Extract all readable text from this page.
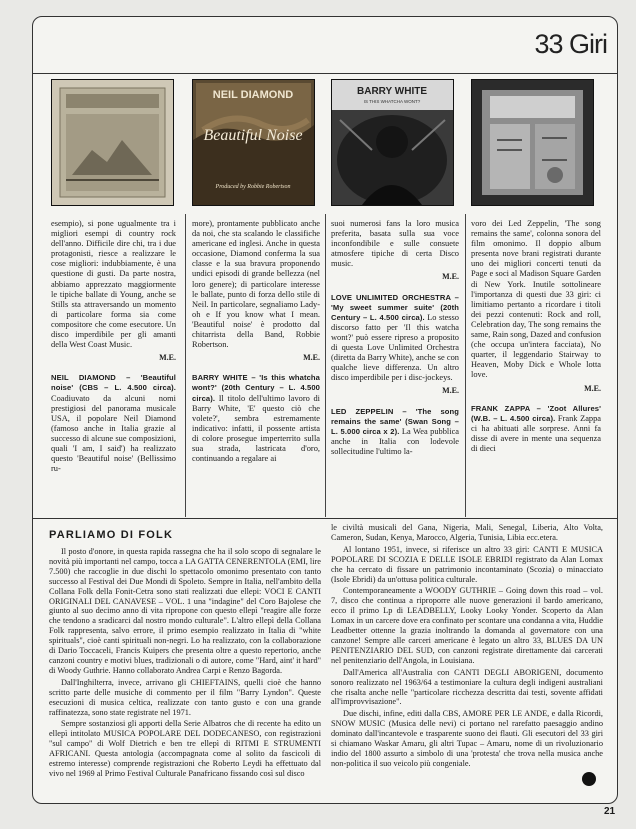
33 Giri
NEIL DIAMOND
Beautiful Noise
Produced by Robbie Robertson
BARRY WHITE
IS THIS WHATCHA WONT?

esempio), si pone ugualmente tra i migliori esempi di country rock dell'anno. Difficile dire chi, tra i due protagonisti, riesce a realizzare le cose migliori: indubbiamente, è una questione di gusti. Da parte nostra, abbiamo apprezzato maggiormente le tipiche ballate di Young, anche se Stills sta attraversando un momento di particolare forma sia come compositore che come esecutore. Un disco imperdibile per gli amanti della West Coast Music.

M.E.

NEIL DIAMOND – 'Beautiful noise' (CBS – L. 4.500 circa). Coadiuvato da alcuni nomi prestigiosi del panorama musicale USA, il popolare Neil Diamond (famoso anche in Italia grazie al successo di alcune sue composizioni, quali 'I am, I said') ha realizzato questo 'Beautiful noise' (Bellissimo ru-

more), prontamente pubblicato anche da noi, che sta scalando le classifiche americane ed inglesi. Anche in questa occasione, Diamond conferma la sua classe e la sua bravura proponendo undici episodi di grande bellezza (nel loro genere); di particolare interesse le ballate, punto di forza dello stile di Neil. In particolare, segnaliamo Lady-oh e If you know what I mean. 'Beautiful noise' è prodotto dal chitarrista della Band, Robbie Robertson.

M.E.

BARRY WHITE – 'Is this whatcha wont?' (20th Century – L. 4.500 circa). Il titolo dell'ultimo lavoro di Barry White, 'E' questo ciò che volete?', sembra estremamente indicativo: infatti, il possente artista di colore prosegue imperterrito sulla sua strada, lastricata d'oro, continuando a regalare ai

suoi numerosi fans la loro musica preferita, basata sulla sua voce inconfondibile e sulle consuete atmosfere tipiche di certa Disco music.

M.E.

LOVE UNLIMITED ORCHESTRA – 'My sweet summer suite' (20th Century – L. 4.500 circa). Lo stesso discorso fatto per 'Il this watcha wont?' può essere ripreso a proposito di questa Love Unlimited Orchestra (diretta da Barry White), anche se con qualche lieve differenza. Un altro disco imperdibile per i disc-jockeys.

M.E.

LED ZEPPELIN – 'The song remains the same' (Swan Song – L. 5.000 circa x 2). La Wea pubblica anche in Italia con lodevole sollecitudine l'ultimo la-

voro dei Led Zeppelin, 'The song remains the same', colonna sonora del film omonimo. Il doppio album presenta nove brani registrati durante uno dei migliori concerti tenuti da Page e soci al Madison Square Garden di New York. Inutile sottolineare l'importanza di questi due 33 giri: ci limitiamo pertanto a ricordare i titoli dei pezzi contenuti: Rock and roll, Celebration day, The song remains the same, Rain song, Dazed and confusion (che occupa un'intera facciata), No quarter, il leggendario Stairway to Heaven, Moby Dick e Whole lotta love.

M.E.

FRANK ZAPPA – 'Zoot Allures' (W.B. – L. 4.500 circa). Frank Zappa ci ha abituati alle sorprese. Anni fa disse di avere in mente una sequenza di dieci

PARLIAMO DI FOLK

Il posto d'onore, in questa rapida rassegna che ha il solo scopo di segnalare le novità più importanti nel campo, tocca a LA GATTA CENERENTOLA (EMI, lire 7.500) che raccoglie in due dischi lo spettacolo omonimo presentato con tanto successo al Festival dei Due Mondi di Spoleto. Sempre in Italia, nell'ambito della Collana Folk della Fonit-Cetra sono stati realizzati due ellepi: VOCI E CANTI ORIGINALI DEL CANAVESE – VOL. 1 una "indagine" del Coro Bajolese che giunto al suo decimo anno di vita ripropone con questo ellepì "reagire alle forze che tendono a sradicarci dal nostro mondo culturale". L'altro ellepì della Collana Folk rappresenta, salvo errore, il primo esempio realizzato in Italia di "white spirituals", cioè canti spirituali non-negri. Lo ha realizzato, con la collaborazione di Dario Toccaceli, Francis Kuipers che presenta oltre a questo repertorio, anche canzoni country e motivi blues, tradizionali o di autore, come "Hard, aint' it hard" di Woody Guthrie. Hanno collaborato Andrea Carpi e Renzo Bagorda.

Dall'Inghilterra, invece, arrivano gli CHIEFTAINS, quelli cioè che hanno scritto parte delle musiche di commento per il film "Barry Lyndon". Queste esecuzioni di musica celtica, realizzate con tanto gusto e con una grande raffinatezza, sono state registrate nel 1971.

Sempre sostanziosi gli apporti della Serie Albatros che di recente ha edito un ellepì intitolato MUSICA POPOLARE DEL DODECANESO, con registrazioni "sul campo" di Wolf Dietrich e ben tre ellepì di RITMI E STRUMENTI AFRICANI. Questa antologia (accompagnata come al solito da fascicoli di estremo interesse) comprende registrazioni che Roberto Leydi ha effettuato dal vivo nel 1969 al Primo Festival Culturale Panafricano fissando così sul disco

le civiltà musicali del Gana, Nigeria, Mali, Senegal, Liberia, Alto Volta, Cameron, Sudan, Kenya, Marocco, Algeria, Tunisia, Libia ecc.etera.

Al lontano 1951, invece, si riferisce un altro 33 giri: CANTI E MUSICA POPOLARE DI SCOZIA E DELLE ISOLE EBRIDI registrato da Alan Lomax che ha cercato di fissare un patrimonio incontaminato (Scozia) o minacciato (Isole Ebridi) da un'ottusa politica culturale.

Contemporaneamente a WOODY GUTHRIE – Going down this road – vol. 7, disco che continua a riproporre alle nuove generazioni il bardo americano, ecco il primo Lp di LEADBELLY, Looky Looky Yonder. Scoperto da Alan Lomax in un carcere dove era confinato per scontare una condanna a vita, Huddie Leadbetter ottenne la grazia inoltrando la domanda al governatore con una canzone! Sempre alle carceri americane è legato un altro 33, BLUES DA UN PENITENZIARIO DEL SUD, con canzoni registrate direttamente dai carcerati nel penitenziario dell'Angola, in Louisiana.

Dall'America all'Australia con CANTI DEGLI ABORIGENI, documento sonoro realizzato nel 1963/64 a testimoniare la cultura degli indigeni australiani che risalta anche nelle "particolare ricchezza descritta dai testi, sovente affidati all'improvvisazione".

Due dischi, infine, editi dalla CBS, AMORE PER LE ANDE, e dalla Ricordi, SNOW MUSIC (Musica delle nevi) ci portano nel rarefatto paesaggio andino dominato dall'incantevole e trasparente suono dei flauti. Gli esecutori del 33 giri si chiamano Waskar Amaru, gli altri Tupac – Amaru, nome di un rivoluzionario indio del 1800 assurto a simbolo di una 'protesta' che trova nella musica anche non-politica il suo veicolo più congeniale.

21
